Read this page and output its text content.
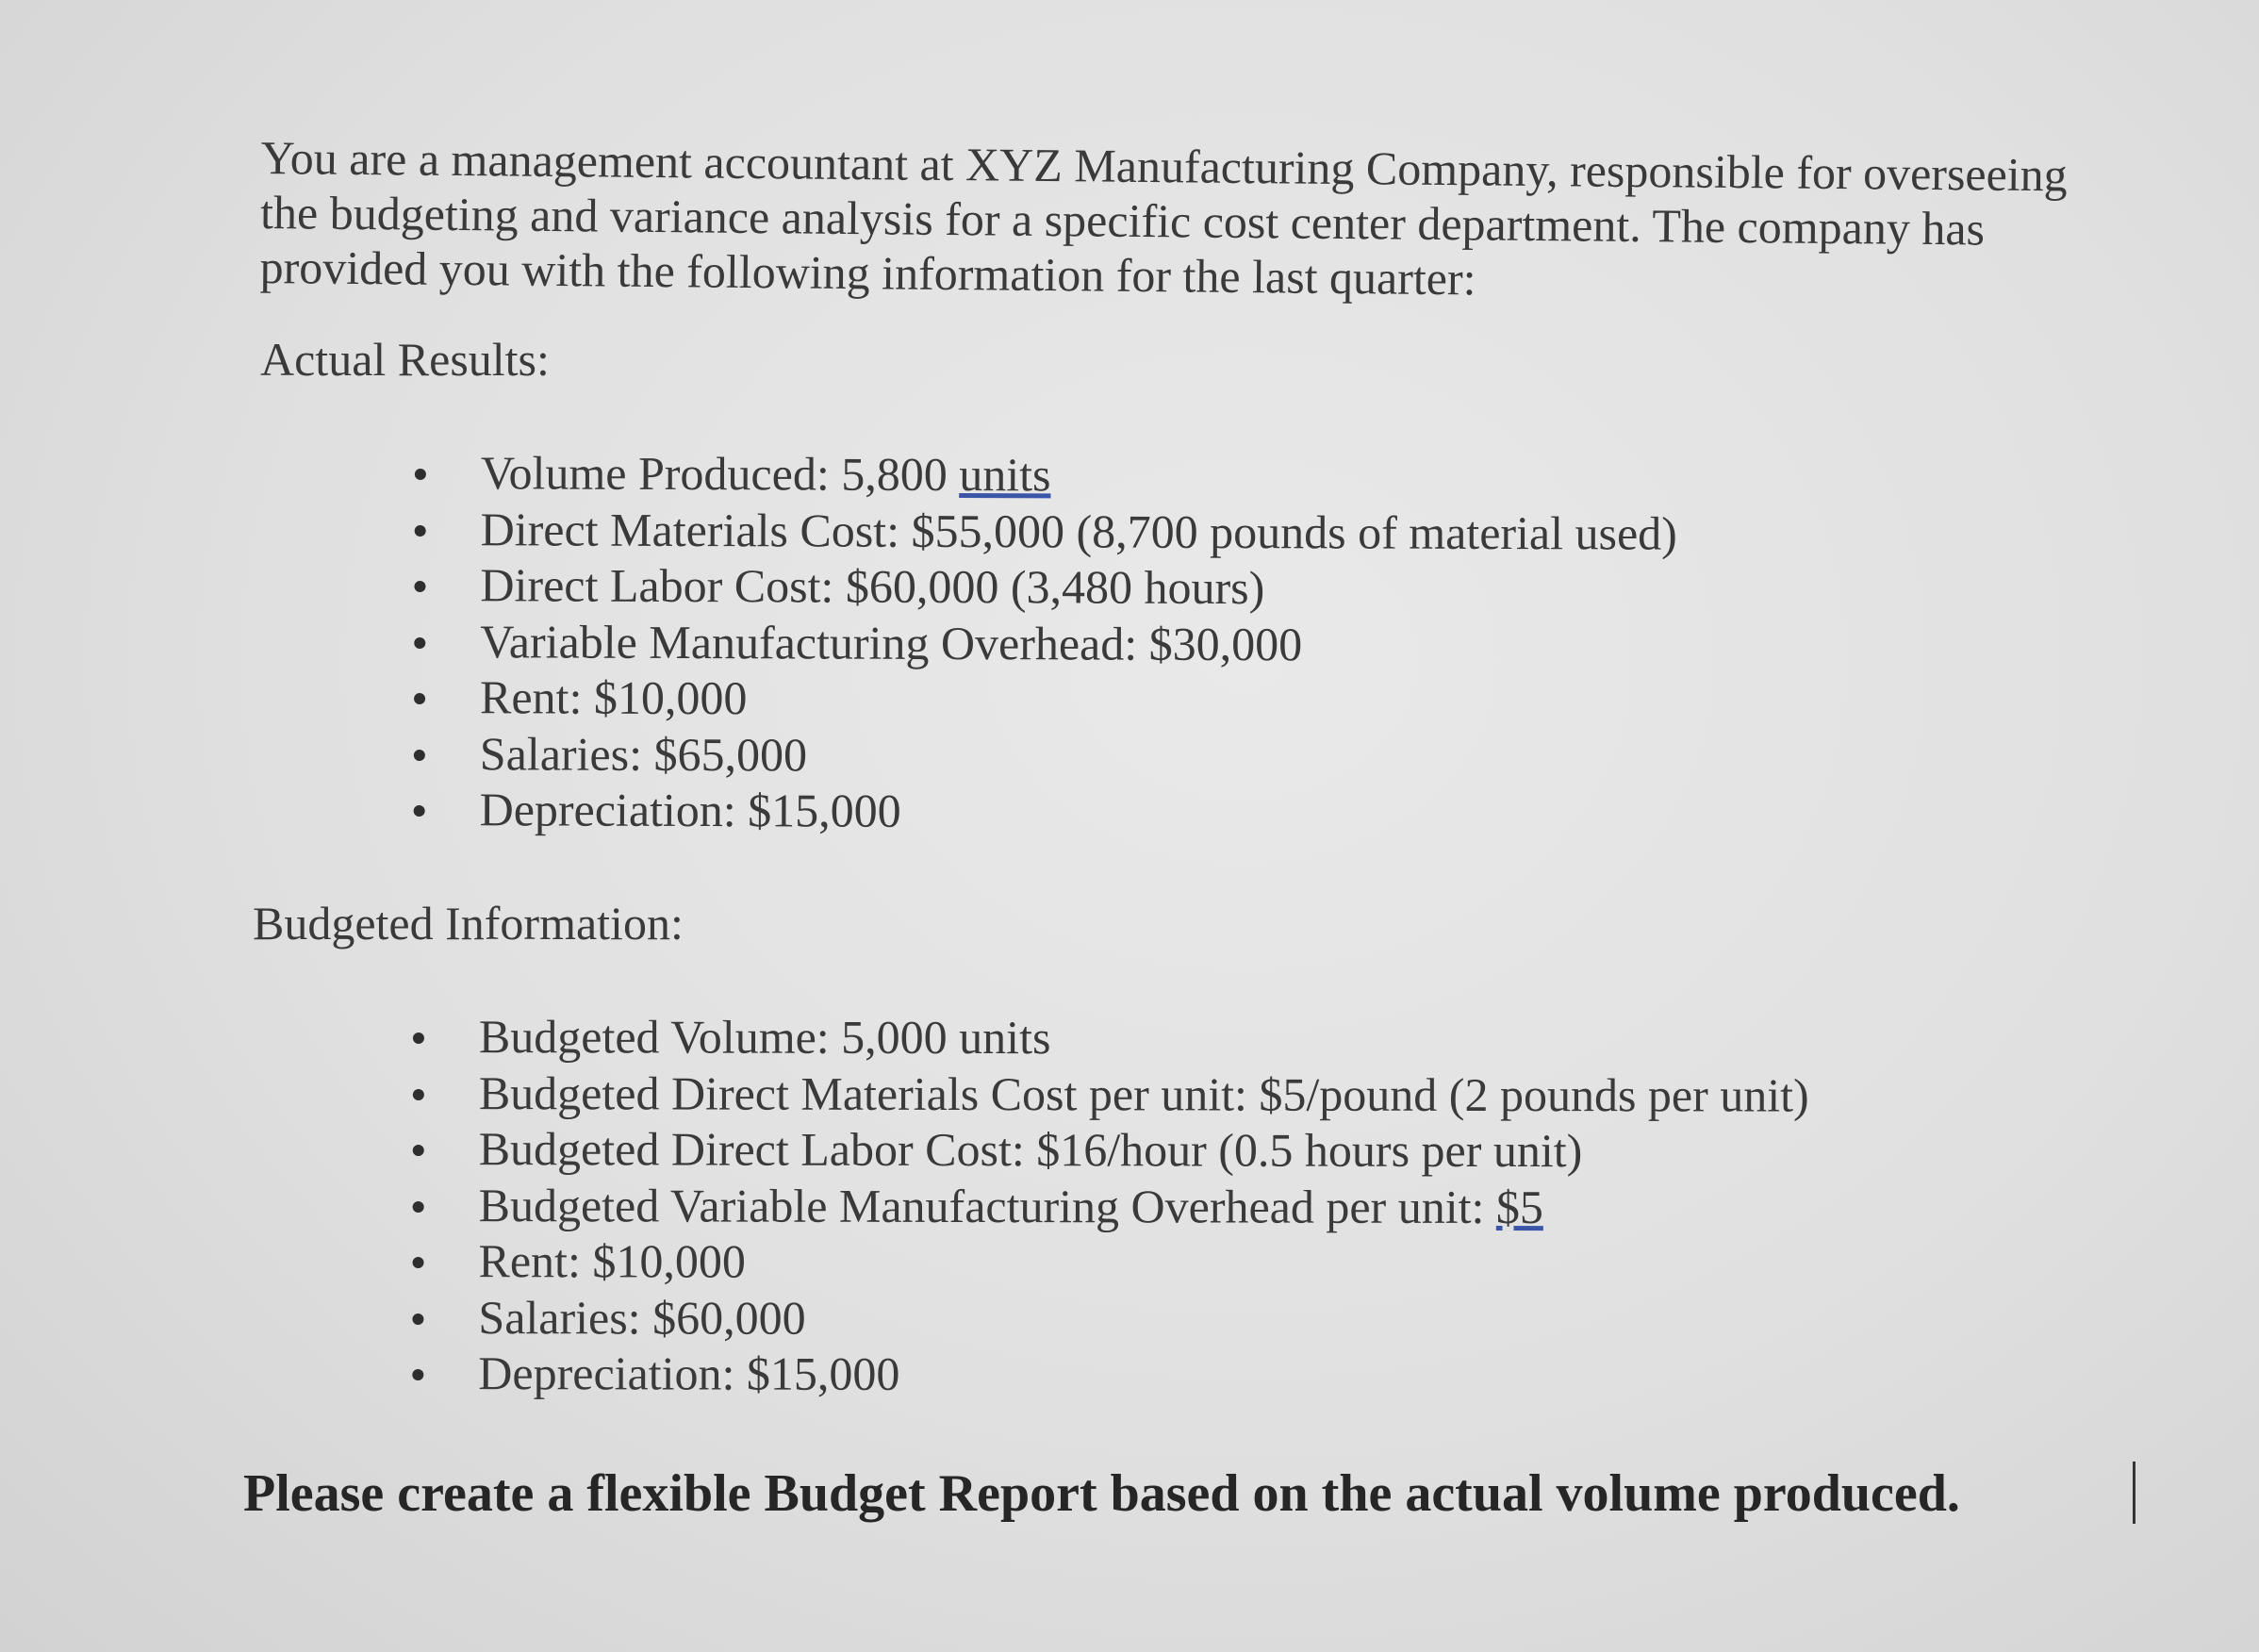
You are a management accountant at XYZ Manufacturing Company, responsible for overseeing
the budgeting and variance analysis for a specific cost center department. The company has
provided you with the following information for the last quarter:

Actual Results:

Volume Produced: 5,800 units
Direct Materials Cost: $55,000 (8,700 pounds of material used)
Direct Labor Cost: $60,000 (3,480 hours)
Variable Manufacturing Overhead: $30,000
Rent: $10,000
Salaries: $65,000
Depreciation: $15,000

Budgeted Information:

Budgeted Volume: 5,000 units
Budgeted Direct Materials Cost per unit: $5/pound (2 pounds per unit)
Budgeted Direct Labor Cost: $16/hour (0.5 hours per unit)
Budgeted Variable Manufacturing Overhead per unit: $5
Rent: $10,000
Salaries: $60,000
Depreciation: $15,000

Please create a flexible Budget Report based on the actual volume produced.
